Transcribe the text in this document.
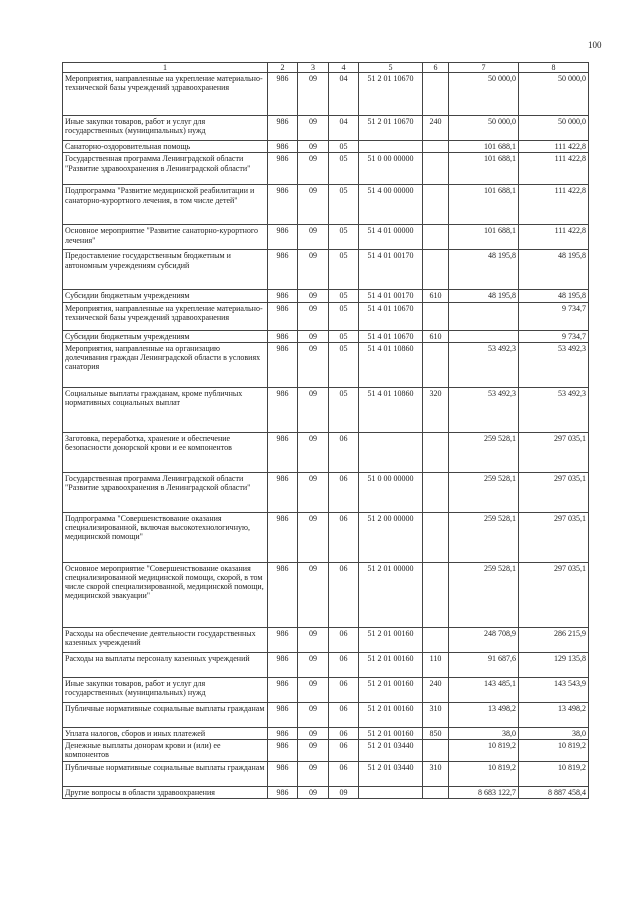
100
1	2	3	4	5	6	7	8
Мероприятия, направленные на укрепление материально-технической базы учреждений здравоохранения	986	09	04	51 2 01 10670		50 000,0	50 000,0
Иные закупки товаров, работ и услуг для государственных (муниципальных) нужд	986	09	04	51 2 01 10670	240	50 000,0	50 000,0
Санаторно-оздоровительная помощь	986	09	05			101 688,1	111 422,8
Государственная программа Ленинградской области "Развитие здравоохранения в Ленинградской области"	986	09	05	51 0 00 00000		101 688,1	111 422,8
Подпрограмма "Развитие медицинской реабилитации и санаторно-курортного лечения, в том числе детей"	986	09	05	51 4 00 00000		101 688,1	111 422,8
Основное мероприятие "Развитие санаторно-курортного лечения"	986	09	05	51 4 01 00000		101 688,1	111 422,8
Предоставление государственным бюджетным и автономным учреждениям субсидий	986	09	05	51 4 01 00170		48 195,8	48 195,8
Субсидии бюджетным учреждениям	986	09	05	51 4 01 00170	610	48 195,8	48 195,8
Мероприятия, направленные на укрепление материально-технической базы учреждений здравоохранения	986	09	05	51 4 01 10670			9 734,7
Субсидии бюджетным учреждениям	986	09	05	51 4 01 10670	610		9 734,7
Мероприятия, направленные на организацию долечивания граждан Ленинградской области в условиях санатория	986	09	05	51 4 01 10860		53 492,3	53 492,3
Социальные выплаты гражданам, кроме публичных нормативных социальных выплат	986	09	05	51 4 01 10860	320	53 492,3	53 492,3
Заготовка, переработка, хранение и обеспечение безопасности донорской крови и ее компонентов	986	09	06			259 528,1	297 035,1
Государственная программа Ленинградской области "Развитие здравоохранения в Ленинградской области"	986	09	06	51 0 00 00000		259 528,1	297 035,1
Подпрограмма "Совершенствование оказания специализированной, включая высокотехнологичную, медицинской помощи"	986	09	06	51 2 00 00000		259 528,1	297 035,1
Основное мероприятие "Совершенствование оказания специализированной медицинской помощи, скорой, в том числе скорой специализированной, медицинской помощи, медицинской эвакуации"	986	09	06	51 2 01 00000		259 528,1	297 035,1
Расходы на обеспечение деятельности государственных казенных учреждений	986	09	06	51 2 01 00160		248 708,9	286 215,9
Расходы на выплаты персоналу казенных учреждений	986	09	06	51 2 01 00160	110	91 687,6	129 135,8
Иные закупки товаров, работ и услуг для государственных (муниципальных) нужд	986	09	06	51 2 01 00160	240	143 485,1	143 543,9
Публичные нормативные социальные выплаты гражданам	986	09	06	51 2 01 00160	310	13 498,2	13 498,2
Уплата налогов, сборов и иных платежей	986	09	06	51 2 01 00160	850	38,0	38,0
Денежные выплаты донорам крови и (или) ее компонентов	986	09	06	51 2 01 03440		10 819,2	10 819,2
Публичные нормативные социальные выплаты гражданам	986	09	06	51 2 01 03440	310	10 819,2	10 819,2
Другие вопросы в области здравоохранения	986	09	09			8 683 122,7	8 887 458,4
